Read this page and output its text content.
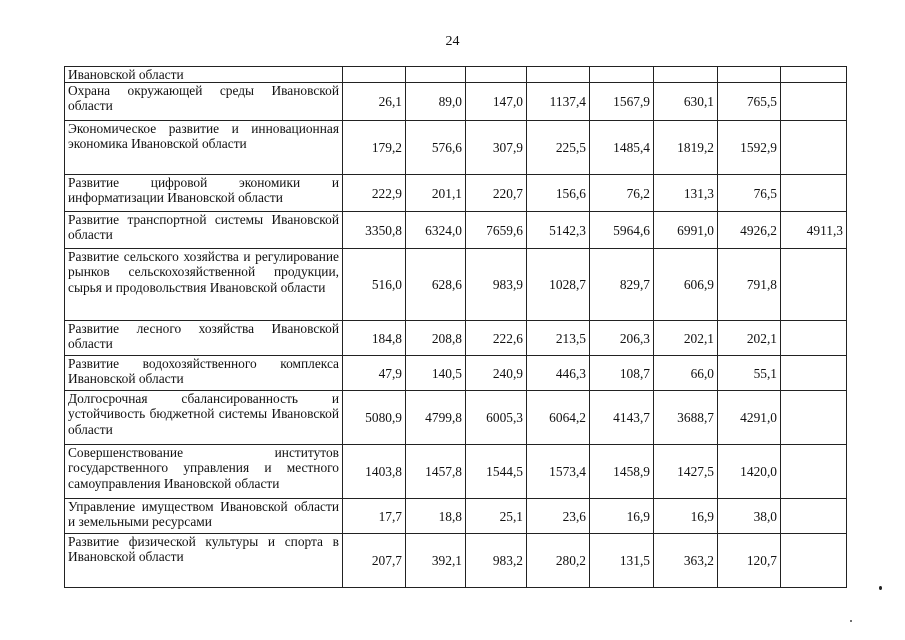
24
Ивановской области								
Охрана окружающей среды Ивановской области	26,1	89,0	147,0	1137,4	1567,9	630,1	765,5	
Экономическое развитие и инновационная экономика Ивановской области	179,2	576,6	307,9	225,5	1485,4	1819,2	1592,9	
Развитие цифровой экономики и информатизации Ивановской области	222,9	201,1	220,7	156,6	76,2	131,3	76,5	
Развитие транспортной системы Ивановской области	3350,8	6324,0	7659,6	5142,3	5964,6	6991,0	4926,2	4911,3
Развитие сельского хозяйства и регулирование рынков сельскохозяйственной продукции, сырья и продовольствия Ивановской области	516,0	628,6	983,9	1028,7	829,7	606,9	791,8	
Развитие лесного хозяйства Ивановской области	184,8	208,8	222,6	213,5	206,3	202,1	202,1	
Развитие водохозяйственного комплекса Ивановской области	47,9	140,5	240,9	446,3	108,7	66,0	55,1	
Долгосрочная сбалансированность и устойчивость бюджетной системы Ивановской области	5080,9	4799,8	6005,3	6064,2	4143,7	3688,7	4291,0	
Совершенствование институтов государственного управления и местного самоуправления Ивановской области	1403,8	1457,8	1544,5	1573,4	1458,9	1427,5	1420,0	
Управление имуществом Ивановской области и земельными ресурсами	17,7	18,8	25,1	23,6	16,9	16,9	38,0	
Развитие физической культуры и спорта в Ивановской области	207,7	392,1	983,2	280,2	131,5	363,2	120,7	
